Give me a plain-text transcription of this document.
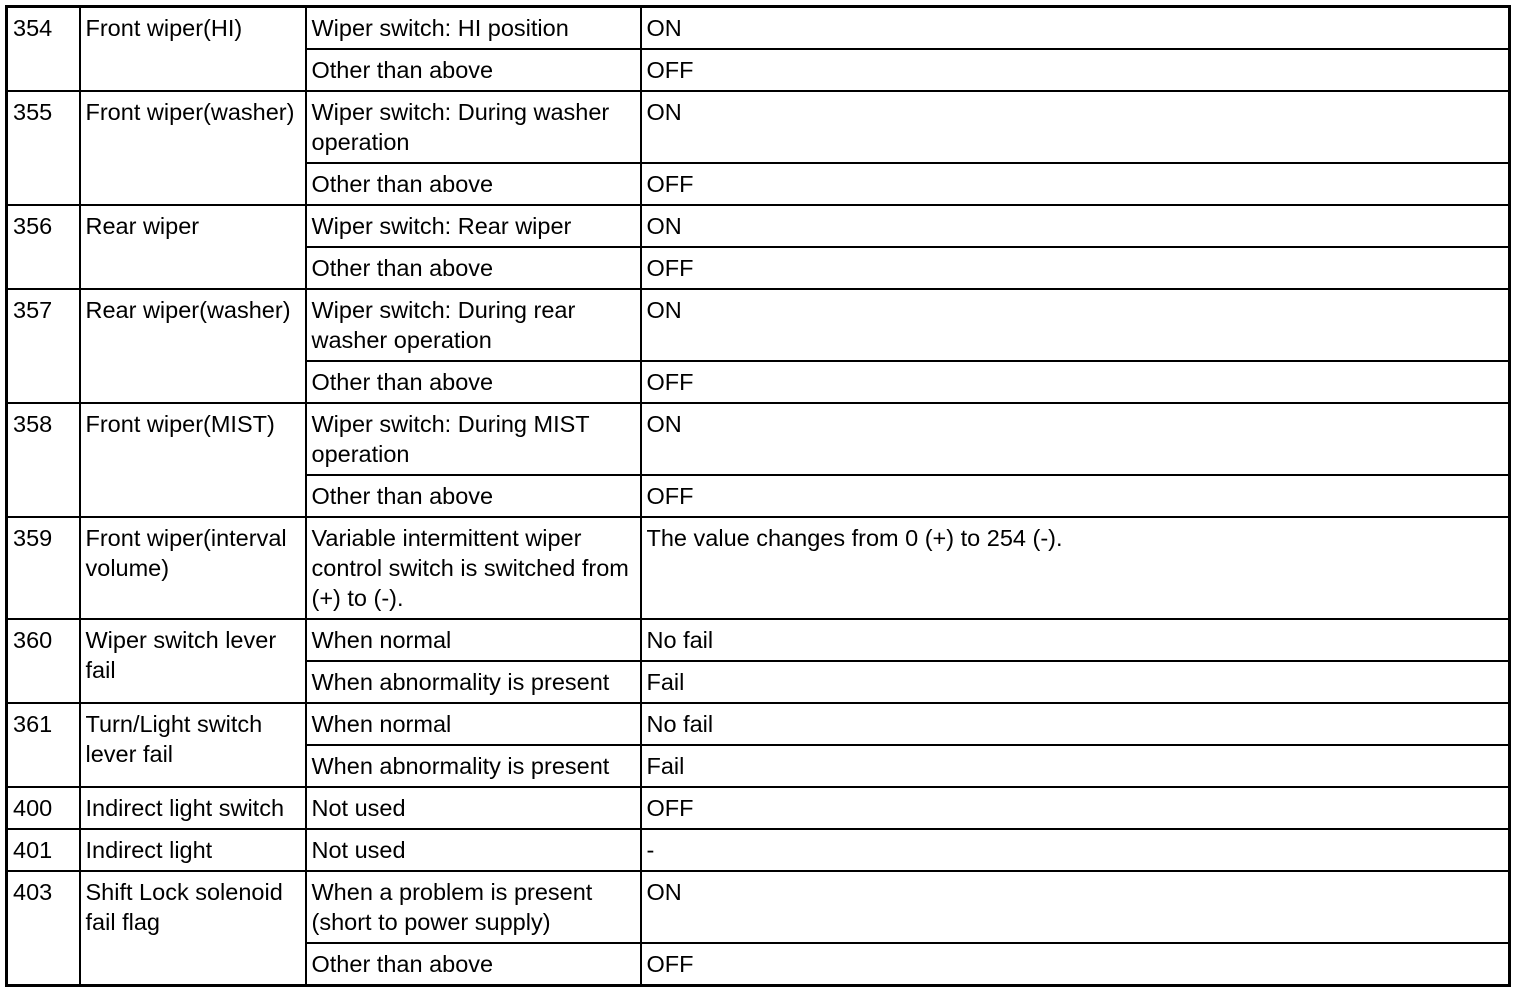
354	Front wiper(HI)	Wiper switch: HI position	ON
		Other than above	OFF
355	Front wiper(washer)	Wiper switch: During washer operation	ON
		Other than above	OFF
356	Rear wiper	Wiper switch: Rear wiper	ON
		Other than above	OFF
357	Rear wiper(washer)	Wiper switch: During rear washer operation	ON
		Other than above	OFF
358	Front wiper(MIST)	Wiper switch: During MIST operation	ON
		Other than above	OFF
359	Front wiper(interval volume)	Variable intermittent wiper control switch is switched from (+) to (-).	The value changes from 0 (+) to 254 (-).
360	Wiper switch lever fail	When normal	No fail
		When abnormality is present	Fail
361	Turn/Light switch lever fail	When normal	No fail
		When abnormality is present	Fail
400	Indirect light switch	Not used	OFF
401	Indirect light	Not used	-
403	Shift Lock solenoid fail flag	When a problem is present (short to power supply)	ON
		Other than above	OFF
